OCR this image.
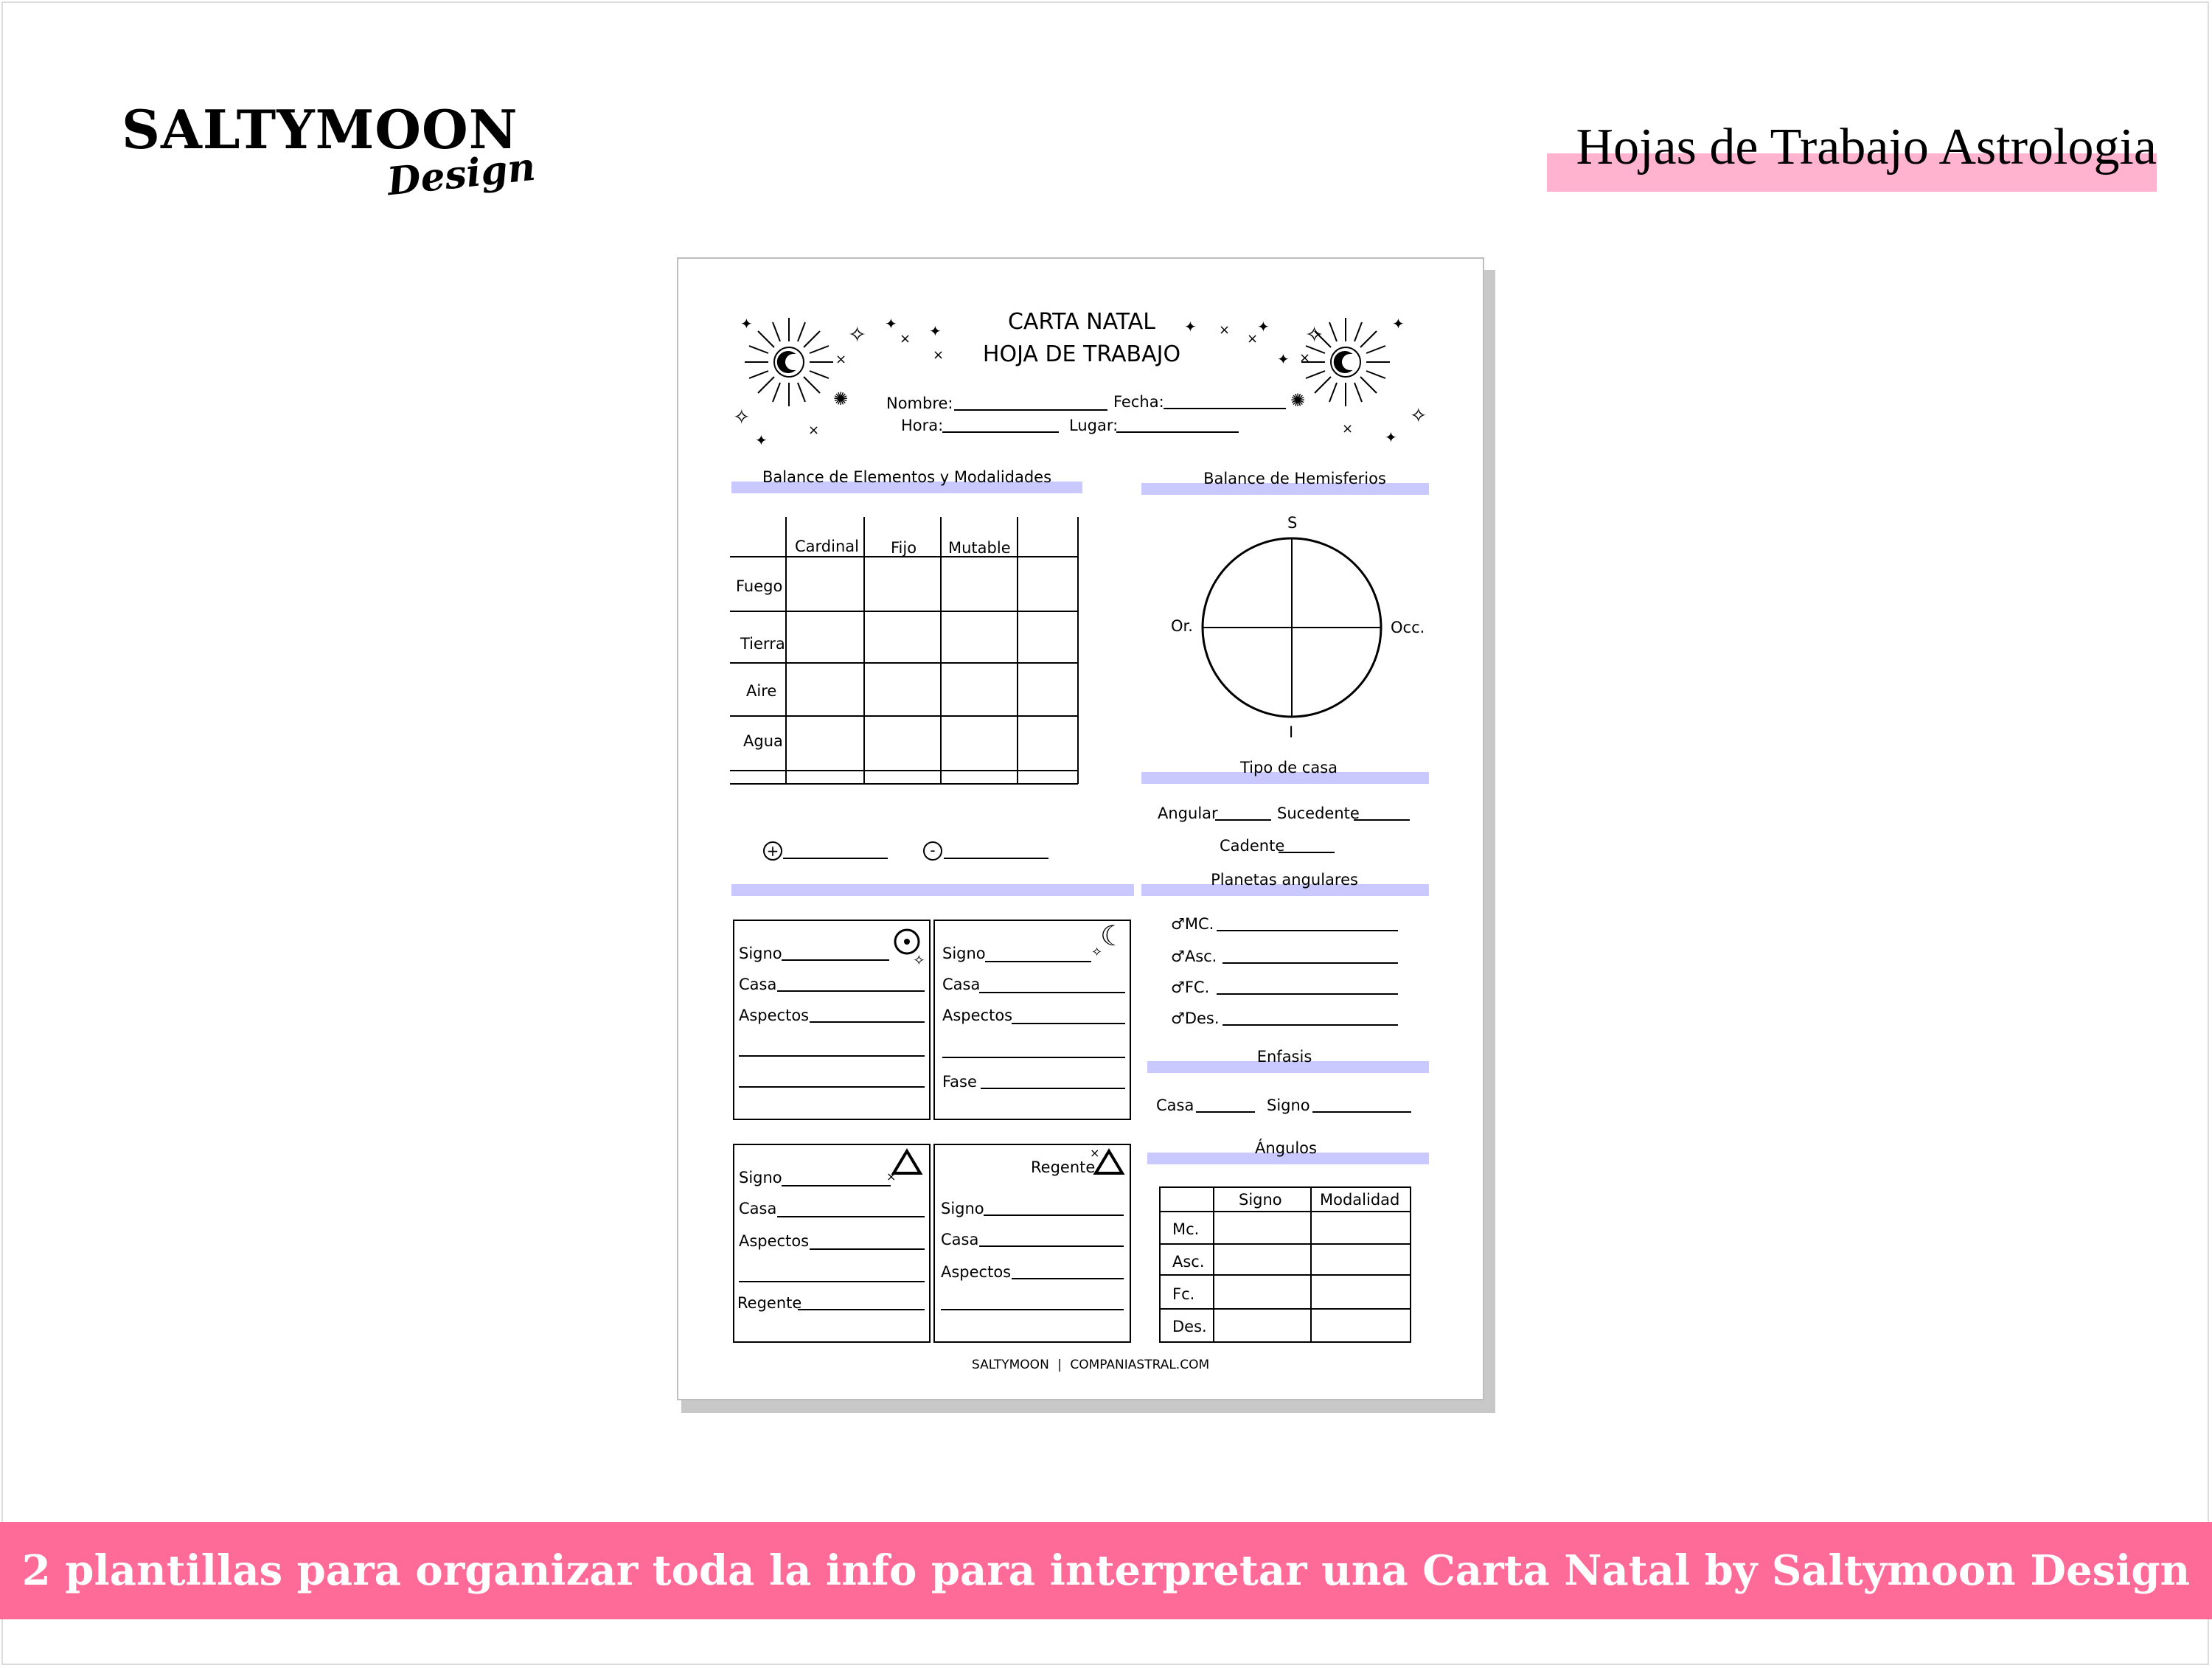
SALTYMOON
Design	Hojas de Trabajo Astrologia
✦	✧ ✦ ✦
×
×
×
✺
✧
✦
×
✦ × ✦
× ✧
✦ ×
✺
✦
✧
× ✦
CARTA NATAL
HOJA DE TRABAJO
Nombre:	Fecha:
Hora:	Lugar:
Balance de Elementos y Modalidades
Cardinal Fijo Mutable
Fuego
Tierra
Aire
Agua
+	-
Balance de Hemisferios
S
I
Or.	Occ.
Tipo de casa
Angular	Sucedente
Cadente
Planetas angulares
♂MC.
♂Asc.
♂FC.
♂Des.
Enfasis
Casa	Signo
Ángulos
Signo Modalidad
Mc.
Asc.
Fc.
Des.
✧
Signo
Casa
Aspectos
☾
✧
Signo
Casa
Aspectos
Fase
×
Signo
Casa
Aspectos
Regente
Regente
×
Signo
Casa
Aspectos
SALTYMOON | COMPANIASTRAL.COM
2 plantillas para organizar toda la info para interpretar una Carta Natal by Saltymoon Design
